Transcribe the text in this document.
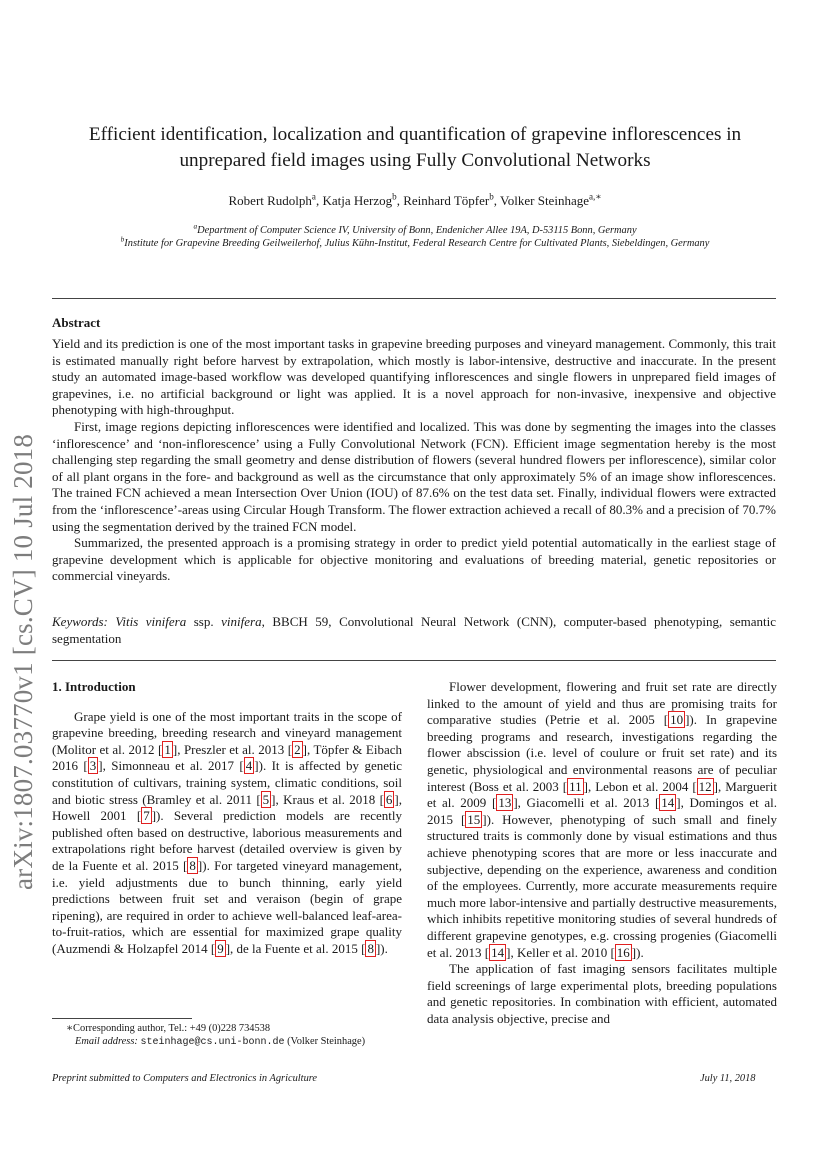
arXiv:1807.03770v1 [cs.CV] 10 Jul 2018
Efficient identification, localization and quantification of grapevine inflorescences in
unprepared field images using Fully Convolutional Networks
Robert Rudolph$^a$, Katja Herzog$^b$, Reinhard Töpfer$^b$, Volker Steinhage$^{a,∗}$
$^a$Department of Computer Science IV, University of Bonn, Endenicher Allee 19A, D-53115 Bonn, Germany
$^b$Institute for Grapevine Breeding Geilweilerhof, Julius Kühn-Institut, Federal Research Centre for Cultivated Plants, Siebeldingen, Germany
Abstract

Yield and its prediction is one of the most important tasks in grapevine breeding purposes and vineyard management. Commonly, this trait is estimated manually right before harvest by extrapolation, which mostly is labor-intensive, destructive and inaccurate. In the present study an automated image-based workflow was developed quantifying inflorescences and single flowers in unprepared field images of grapevines, i.e. no artificial background or light was applied. It is a novel approach for non-invasive, inexpensive and objective phenotyping with high-throughput.

First, image regions depicting inflorescences were identified and localized. This was done by segmenting the images into the classes ‘inflorescence’ and ‘non-inflorescence’ using a Fully Convolutional Network (FCN). Efficient image segmentation hereby is the most challenging step regarding the small geometry and dense distribution of flowers (several hundred flowers per inflorescence), similar color of all plant organs in the fore- and background as well as the circumstance that only approximately 5% of an image show inflorescences. The trained FCN achieved a mean Intersection Over Union (IOU) of 87.6% on the test data set. Finally, individual flowers were extracted from the ‘inflorescence’-areas using Circular Hough Transform. The flower extraction achieved a recall of 80.3% and a precision of 70.7% using the segmentation derived by the trained FCN model.

Summarized, the presented approach is a promising strategy in order to predict yield potential automatically in the earliest stage of grapevine development which is applicable for objective monitoring and evaluations of breeding material, genetic repositories or commercial vineyards.

Keywords: Vitis vinifera ssp. vinifera, BBCH 59, Convolutional Neural Network (CNN), computer-based phenotyping, semantic segmentation
1. Introduction

Grape yield is one of the most important traits in the scope of grapevine breeding, breeding research and vineyard management (Molitor et al. 2012 [ 1 ], Preszler et al. 2013 [ 2 ], Töpfer & Eibach 2016 [ 3 ], Simonneau et al. 2017 [ 4 ]). It is affected by genetic constitution of cultivars, training system, climatic conditions, soil and biotic stress (Bramley et al. 2011 [ 5 ], Kraus et al. 2018 [ 6 ], Howell 2001 [ 7 ]). Several prediction models are recently published often based on destructive, laborious measurements and extrapolations right before harvest (detailed overview is given by de la Fuente et al. 2015 [ 8 ]). For targeted vineyard management, i.e. yield adjustments due to bunch thinning, early yield predictions between fruit set and veraison (begin of grape ripening), are required in order to achieve well-balanced leaf-area-to-fruit-ratios, which are essential for maximized grape quality (Auzmendi & Holzapfel 2014 [ 9 ], de la Fuente et al. 2015 [ 8 ]).

Flower development, flowering and fruit set rate are directly linked to the amount of yield and thus are promising traits for comparative studies (Petrie et al. 2005 [ 10 ]). In grapevine breeding programs and research, investigations regarding the flower abscission (i.e. level of coulure or fruit set rate) and its genetic, physiological and environmental reasons are of peculiar interest (Boss et al. 2003 [ 11 ], Lebon et al. 2004 [ 12 ], Marguerit et al. 2009 [ 13 ], Giacomelli et al. 2013 [ 14 ], Domingos et al. 2015 [ 15 ]). However, phenotyping of such small and finely structured traits is commonly done by visual estimations and thus achieve phenotyping scores that are more or less inaccurate and subjective, depending on the experience, awareness and condition of the employees. Currently, more accurate measurements require much more labor-intensive and partially destructive measurements, which inhibits repetitive monitoring studies of several hundreds of different grapevine genotypes, e.g. crossing progenies (Giacomelli et al. 2013 [ 14 ], Keller et al. 2010 [ 16 ]).

The application of fast imaging sensors facilitates multiple field screenings of large experimental plots, breeding populations and genetic repositories. In combination with efficient, automated data analysis objective, precise and

∗Corresponding author, Tel.: +49 (0)228 734538
Email address: steinhage@cs.uni-bonn.de (Volker Steinhage)
Preprint submitted to Computers and Electronics in Agriculture	July 11, 2018
